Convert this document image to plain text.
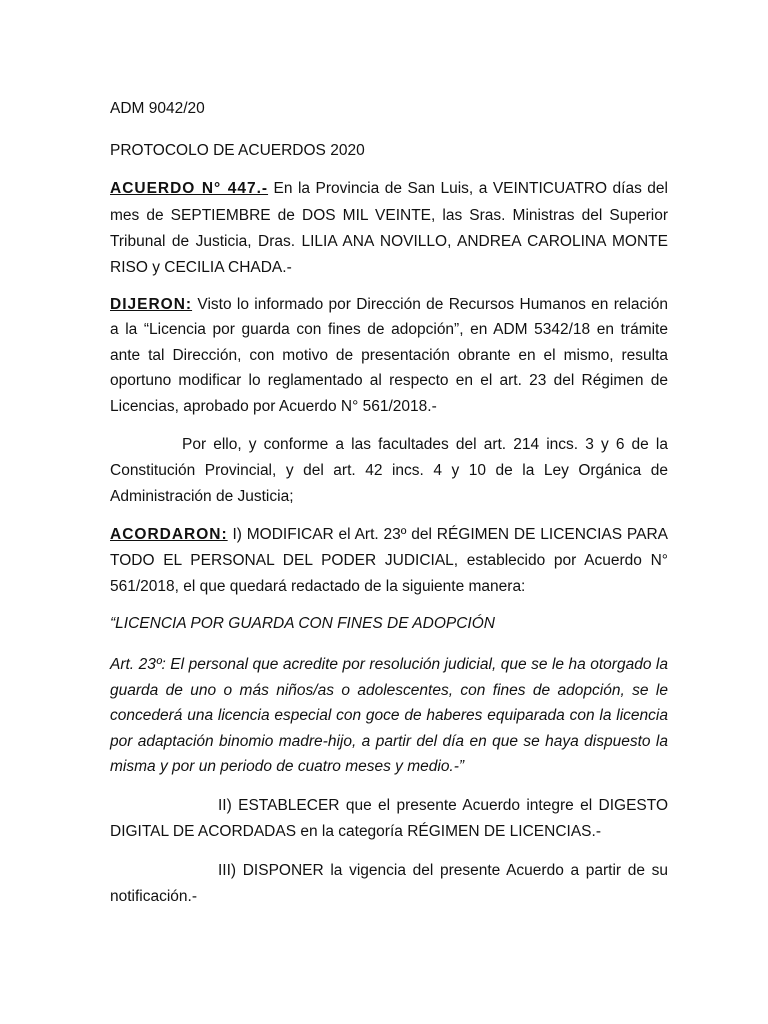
ADM 9042/20
PROTOCOLO DE ACUERDOS 2020
ACUERDO N° 447.- En la Provincia de San Luis, a VEINTICUATRO días del
mes de SEPTIEMBRE de DOS MIL VEINTE, las Sras. Ministras del Superior
Tribunal de Justicia, Dras. LILIA ANA NOVILLO, ANDREA CAROLINA MONTE
RISO y CECILIA CHADA.-
DIJERON: Visto lo informado por Dirección de Recursos Humanos en relación
a la “Licencia por guarda con fines de adopción”, en ADM 5342/18 en trámite
ante tal Dirección, con motivo de presentación obrante en el mismo, resulta
oportuno modificar lo reglamentado al respecto en el art. 23 del Régimen de
Licencias, aprobado por Acuerdo N° 561/2018.-
Por ello, y conforme a las facultades del art. 214 incs. 3 y 6 de la
Constitución Provincial, y del art. 42 incs. 4 y 10 de la Ley Orgánica de
Administración de Justicia;
ACORDARON: I) MODIFICAR el Art. 23º del RÉGIMEN DE LICENCIAS PARA
TODO EL PERSONAL DEL PODER JUDICIAL, establecido por Acuerdo N°
561/2018, el que quedará redactado de la siguiente manera:
“LICENCIA POR GUARDA CON FINES DE ADOPCIÓN
Art. 23º: El personal que acredite por resolución judicial, que se le ha otorgado la
guarda de uno o más niños/as o adolescentes, con fines de adopción, se le
concederá una licencia especial con goce de haberes equiparada con la licencia
por adaptación binomio madre-hijo, a partir del día en que se haya dispuesto la
misma y por un periodo de cuatro meses y medio.-”
II) ESTABLECER que el presente Acuerdo integre el DIGESTO
DIGITAL DE ACORDADAS en la categoría RÉGIMEN DE LICENCIAS.-
III) DISPONER la vigencia del presente Acuerdo a partir de su
notificación.-
